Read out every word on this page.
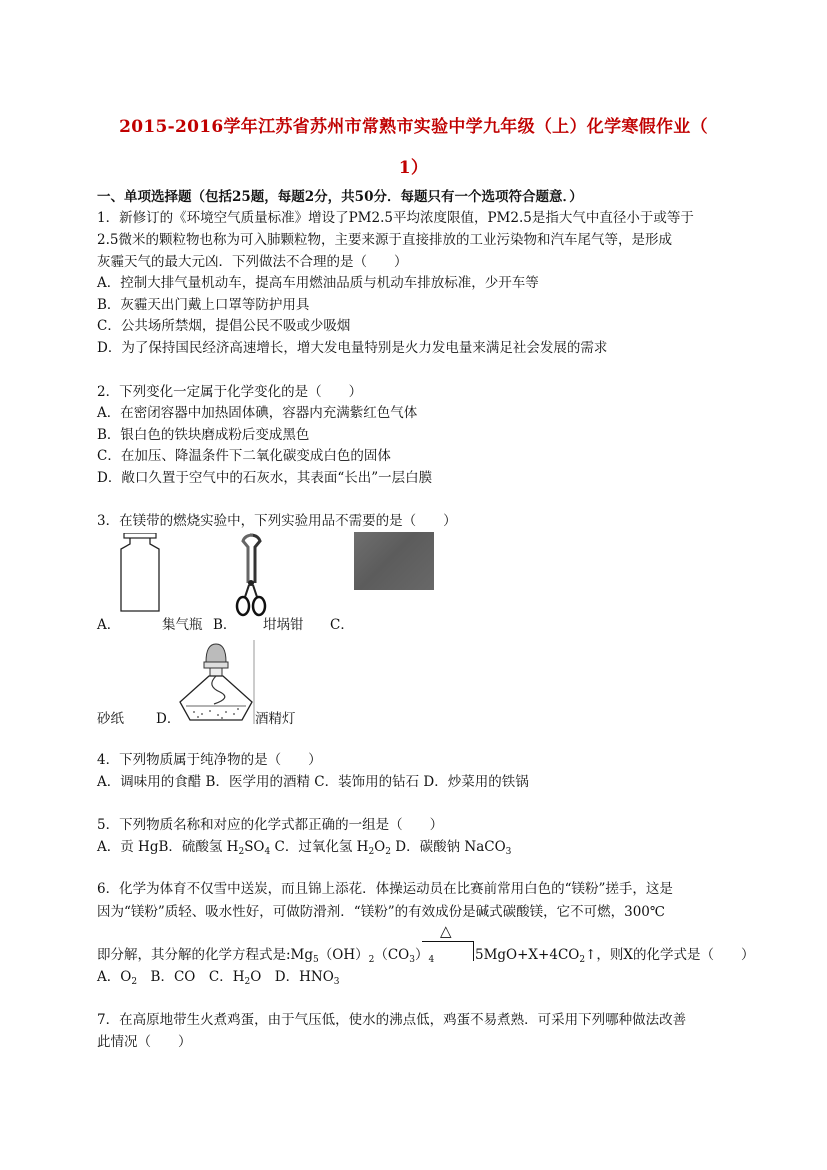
2015-2016学年江苏省苏州市常熟市实验中学九年级（上）化学寒假作业（
1）
一、单项选择题（包括25题，每题2分，共50分．每题只有一个选项符合题意．）
1．新修订的《环境空气质量标准》增设了PM2.5平均浓度限值，PM2.5是指大气中直径小于或等于
2.5微米的颗粒物也称为可入肺颗粒物，主要来源于直接排放的工业污染物和汽车尾气等，是形成
灰霾天气的最大元凶．下列做法不合理的是（　　）
A．控制大排气量机动车，提高车用燃油品质与机动车排放标准，少开车等
B．灰霾天出门戴上口罩等防护用具
C．公共场所禁烟，提倡公民不吸或少吸烟
D．为了保持国民经济高速增长，增大发电量特别是火力发电量来满足社会发展的需求
2．下列变化一定属于化学变化的是（　　）
A．在密闭容器中加热固体碘，容器内充满紫红色气体
B．银白色的铁块磨成粉后变成黑色
C．在加压、降温条件下二氧化碳变成白色的固体
D．敞口久置于空气中的石灰水，其表面“长出”一层白膜
3．在镁带的燃烧实验中，下列实验用品不需要的是（　　）
A．	集气瓶 B． 坩埚钳 C．
砂纸 D．	酒精灯
4．下列物质属于纯净物的是（　　）
A．调味用的食醋 B．医学用的酒精 C．装饰用的钻石 D．炒菜用的铁锅
5．下列物质名称和对应的化学式都正确的一组是（　　）
A．贡 HgB．硫酸氢 $H_2SO_4$ C．过氧化氢 $H_2O_2$ D．碳酸钠 NaCO$_3$
6．化学为体育不仅雪中送炭，而且锦上添花．体操运动员在比赛前常用白色的“镁粉”搓手，这是
因为“镁粉”质轻、吸水性好，可做防滑剂．“镁粉”的有效成份是碱式碳酸镁，它不可燃，300℃
△
即分解，其分解的化学方程式是$:Mg_5(OH)_2(CO_3)_4$	$5MgO+X+4CO_2↑$，则X的化学式是（　　）
A．$O_2$　B．CO　C．$H_2O$　D．$HNO_3$
7．在高原地带生火煮鸡蛋，由于气压低，使水的沸点低，鸡蛋不易煮熟．可采用下列哪种做法改善
此情况（　　）
